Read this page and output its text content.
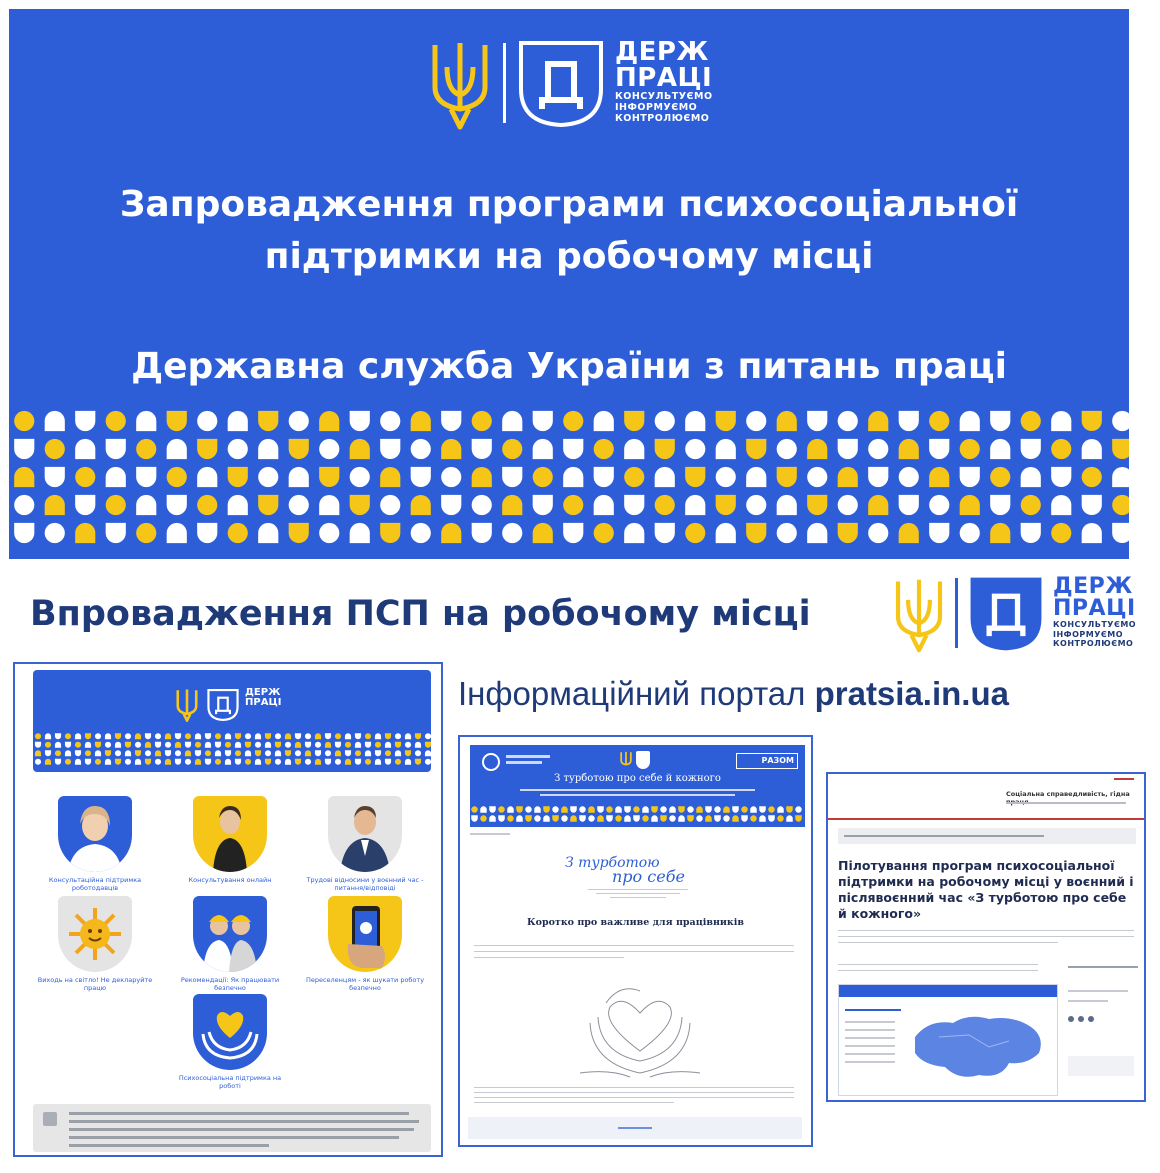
ДЕРЖ
ПРАЦІ
КОНСУЛЬТУЄМО
ІНФОРМУЄМО
КОНТРОЛЮЄМО
Запровадження програми психосоціальної
підтримки на робочому місці
Державна служба України з питань праці
Впровадження ПСП на робочому місці
ДЕРЖ
ПРАЦІ
КОНСУЛЬТУЄМО
ІНФОРМУЄМО
КОНТРОЛЮЄМО
Інформаційний портал pratsia.in.ua
ДЕРЖ
ПРАЦІ
Консультаційна підтримка роботодавців
Консультування онлайн	Трудові відносини у воєнний час - питання/відповіді
Виходь на світло! Не декларуйте працю
Рекомендації: Як працювати безпечно
Переселенцям - як шукати роботу безпечно
Психосоціальна підтримка на роботі
РАЗОМ
З турботою про себе й кожного
З турботою
про себе
Коротко про важливе для працівників
Соціальна справедливість, гідна
Пілотування програм психосоціальної підтримки на робочому місці у воєнний і післявоєнний час «З турботою про себе й кожного»
